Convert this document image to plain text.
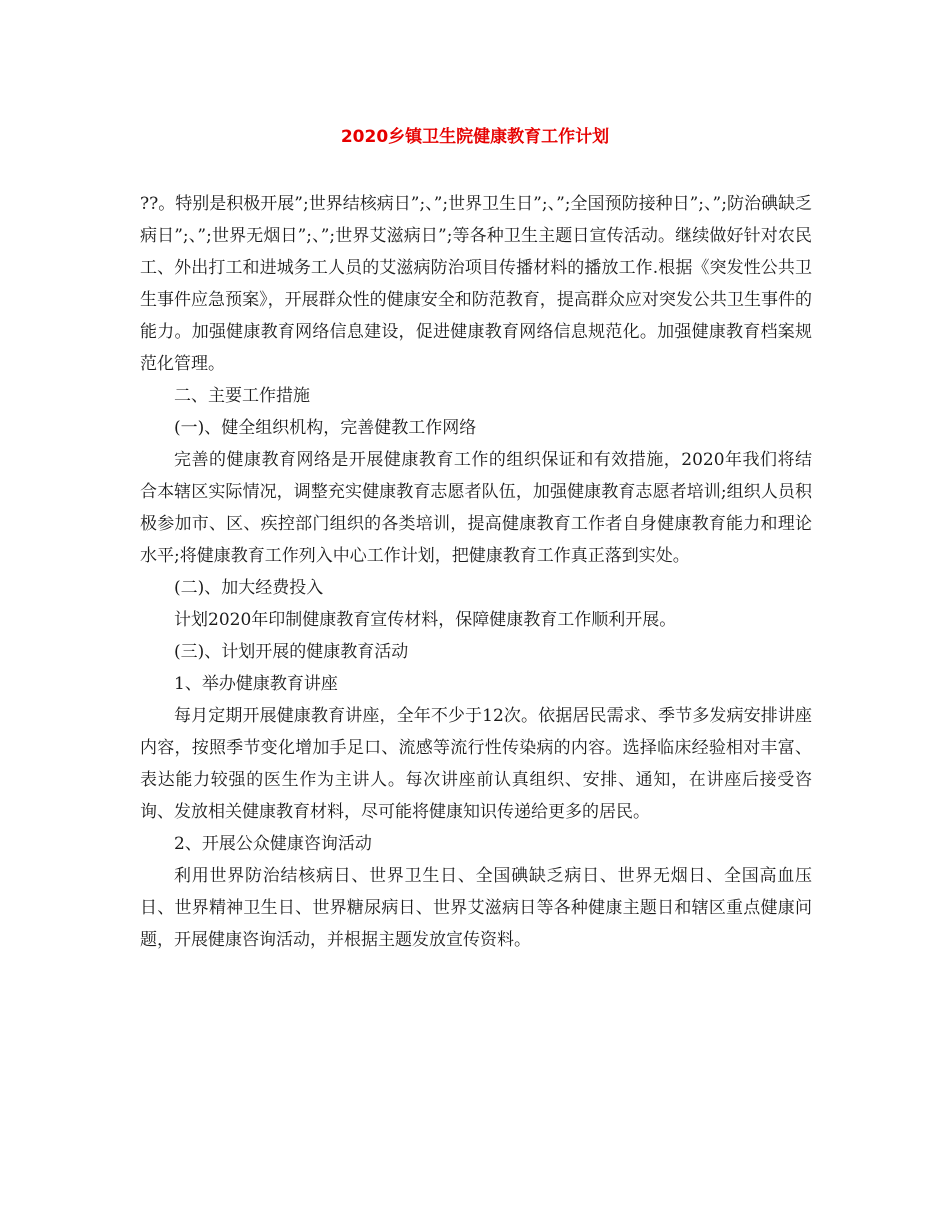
2020乡镇卫生院健康教育工作计划

??。特别是积极开展”;世界结核病日”;、”;世界卫生日”;、”;全国预防接种日”;、”;防治碘缺乏病日”;、”;世界无烟日”;、”;世界艾滋病日”;等各种卫生主题日宣传活动。继续做好针对农民工、外出打工和进城务工人员的艾滋病防治项目传播材料的播放工作.根据《突发性公共卫生事件应急预案》，开展群众性的健康安全和防范教育，提高群众应对突发公共卫生事件的能力。加强健康教育网络信息建设，促进健康教育网络信息规范化。加强健康教育档案规范化管理。

二、主要工作措施

(一)、健全组织机构，完善健教工作网络

完善的健康教育网络是开展健康教育工作的组织保证和有效措施，2020年我们将结合本辖区实际情况，调整充实健康教育志愿者队伍，加强健康教育志愿者培训;组织人员积极参加市、区、疾控部门组织的各类培训，提高健康教育工作者自身健康教育能力和理论水平;将健康教育工作列入中心工作计划，把健康教育工作真正落到实处。

(二)、加大经费投入

计划2020年印制健康教育宣传材料，保障健康教育工作顺利开展。

(三)、计划开展的健康教育活动

1、举办健康教育讲座

每月定期开展健康教育讲座，全年不少于12次。依据居民需求、季节多发病安排讲座内容，按照季节变化增加手足口、流感等流行性传染病的内容。选择临床经验相对丰富、表达能力较强的医生作为主讲人。每次讲座前认真组织、安排、通知，在讲座后接受咨询、发放相关健康教育材料，尽可能将健康知识传递给更多的居民。

2、开展公众健康咨询活动

利用世界防治结核病日、世界卫生日、全国碘缺乏病日、世界无烟日、全国高血压日、世界精神卫生日、世界糖尿病日、世界艾滋病日等各种健康主题日和辖区重点健康问题，开展健康咨询活动，并根据主题发放宣传资料。
